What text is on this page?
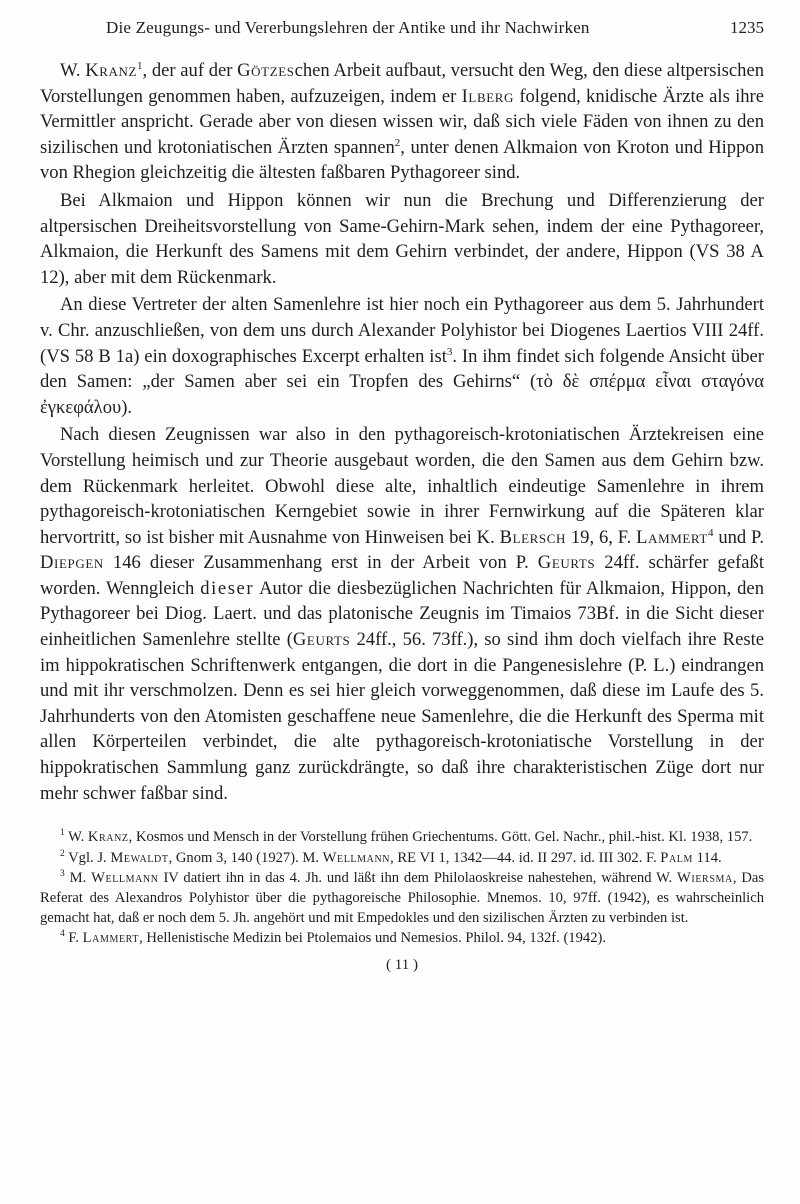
Die Zeugungs- und Vererbungslehren der Antike und ihr Nachwirken	1235

W. Kranz$^1$, der auf der Götzeschen Arbeit aufbaut, versucht den Weg, den diese altpersischen Vorstellungen genommen haben, aufzuzeigen, indem er Ilberg folgend, knidische Ärzte als ihre Vermittler anspricht. Gerade aber von diesen wissen wir, daß sich viele Fäden von ihnen zu den sizilischen und krotoniatischen Ärzten spannen$^2$, unter denen Alkmaion von Kroton und Hippon von Rhegion gleichzeitig die ältesten faßbaren Pythagoreer sind.

Bei Alkmaion und Hippon können wir nun die Brechung und Differenzierung der altpersischen Dreiheitsvorstellung von Same-Gehirn-Mark sehen, indem der eine Pythagoreer, Alkmaion, die Herkunft des Samens mit dem Gehirn verbindet, der andere, Hippon (VS 38 A 12), aber mit dem Rückenmark.

An diese Vertreter der alten Samenlehre ist hier noch ein Pythagoreer aus dem 5. Jahrhundert v. Chr. anzuschließen, von dem uns durch Alexander Polyhistor bei Diogenes Laertios VIII 24ff. (VS 58 B 1a) ein doxographisches Excerpt erhalten ist$^3$. In ihm findet sich folgende Ansicht über den Samen: „der Samen aber sei ein Tropfen des Gehirns“ (τὸ δὲ σπέρμα εἶναι σταγόνα ἐγκεφάλου).

Nach diesen Zeugnissen war also in den pythagoreisch-krotoniatischen Ärztekreisen eine Vorstellung heimisch und zur Theorie ausgebaut worden, die den Samen aus dem Gehirn bzw. dem Rückenmark herleitet. Obwohl diese alte, inhaltlich eindeutige Samenlehre in ihrem pythagoreisch-krotoniatischen Kerngebiet sowie in ihrer Fernwirkung auf die Späteren klar hervortritt, so ist bisher mit Ausnahme von Hinweisen bei K. Blersch 19, 6, F. Lammert$^4$ und P. Diepgen 146 dieser Zusammenhang erst in der Arbeit von P. Geurts 24ff. schärfer gefaßt worden. Wenngleich dieser Autor die diesbezüglichen Nachrichten für Alkmaion, Hippon, den Pythagoreer bei Diog. Laert. und das platonische Zeugnis im Timaios 73Bf. in die Sicht dieser einheitlichen Samenlehre stellte (Geurts 24ff., 56. 73ff.), so sind ihm doch vielfach ihre Reste im hippokratischen Schriftenwerk entgangen, die dort in die Pangenesislehre (P. L.) eindrangen und mit ihr verschmolzen. Denn es sei hier gleich vorweggenommen, daß diese im Laufe des 5. Jahrhunderts von den Atomisten geschaffene neue Samenlehre, die die Herkunft des Sperma mit allen Körperteilen verbindet, die alte pythagoreisch-krotoniatische Vorstellung in der hippokratischen Sammlung ganz zurückdrängte, so daß ihre charakteristischen Züge dort nur mehr schwer faßbar sind.

$^1$ W. Kranz, Kosmos und Mensch in der Vorstellung frühen Griechentums. Gött. Gel. Nachr., phil.-hist. Kl. 1938, 157.

$^2$ Vgl. J. Mewaldt, Gnom 3, 140 (1927). M. Wellmann, RE VI 1, 1342—44. id. II 297. id. III 302. F. Palm 114.

$^3$ M. Wellmann IV datiert ihn in das 4. Jh. und läßt ihn dem Philolaoskreise nahestehen, während W. Wiersma, Das Referat des Alexandros Polyhistor über die pythagoreische Philosophie. Mnemos. 10, 97ff. (1942), es wahrscheinlich gemacht hat, daß er noch dem 5. Jh. angehört und mit Empedokles und den sizilischen Ärzten zu verbinden ist.

$^4$ F. Lammert, Hellenistische Medizin bei Ptolemaios und Nemesios. Philol. 94, 132f. (1942).

( 11 )
